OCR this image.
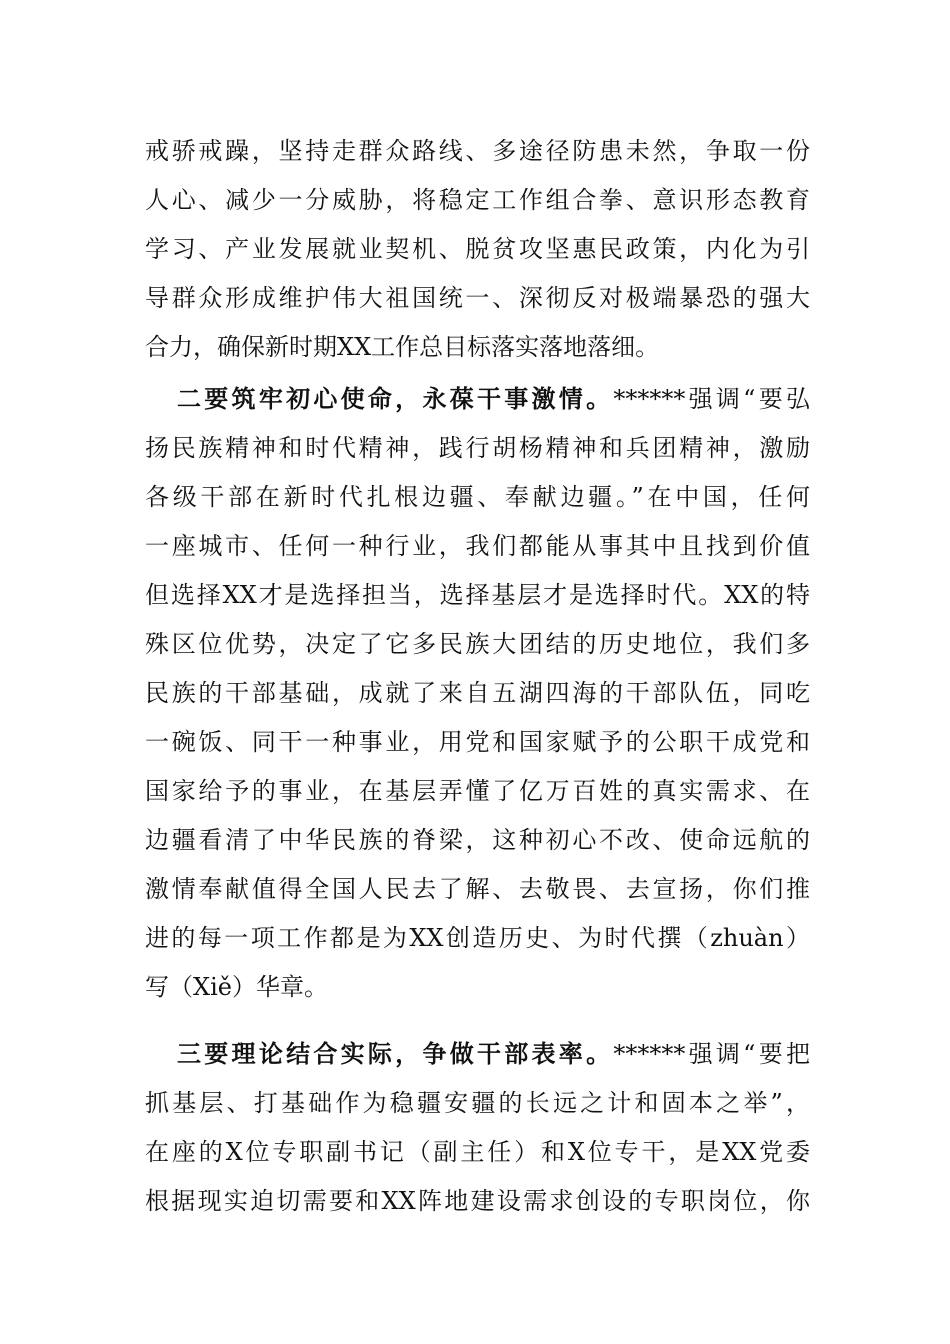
戒骄戒躁，坚持走群众路线、多途径防患未然，争取一份
人心、减少一分威胁，将稳定工作组合拳、意识形态教育
学习、产业发展就业契机、脱贫攻坚惠民政策，内化为引
导群众形成维护伟大祖国统一、深彻反对极端暴恐的强大
合力，确保新时期XX工作总目标落实落地落细。
二要筑牢初心使命，永葆干事激情。******强调“要弘
扬民族精神和时代精神，践行胡杨精神和兵团精神，激励
各级干部在新时代扎根边疆、奉献边疆。”在中国，任何
一座城市、任何一种行业，我们都能从事其中且找到价值
但选择XX才是选择担当，选择基层才是选择时代。XX的特
殊区位优势，决定了它多民族大团结的历史地位，我们多
民族的干部基础，成就了来自五湖四海的干部队伍，同吃
一碗饭、同干一种事业，用党和国家赋予的公职干成党和
国家给予的事业，在基层弄懂了亿万百姓的真实需求、在
边疆看清了中华民族的脊梁，这种初心不改、使命远航的
激情奉献值得全国人民去了解、去敬畏、去宣扬，你们推
进的每一项工作都是为XX创造历史、为时代撰（zhuàn）
写（Xiě）华章。
三要理论结合实际，争做干部表率。******强调“要把
抓基层、打基础作为稳疆安疆的长远之计和固本之举”，
在座的X位专职副书记（副主任）和X位专干，是XX党委
根据现实迫切需要和XX阵地建设需求创设的专职岗位，你
